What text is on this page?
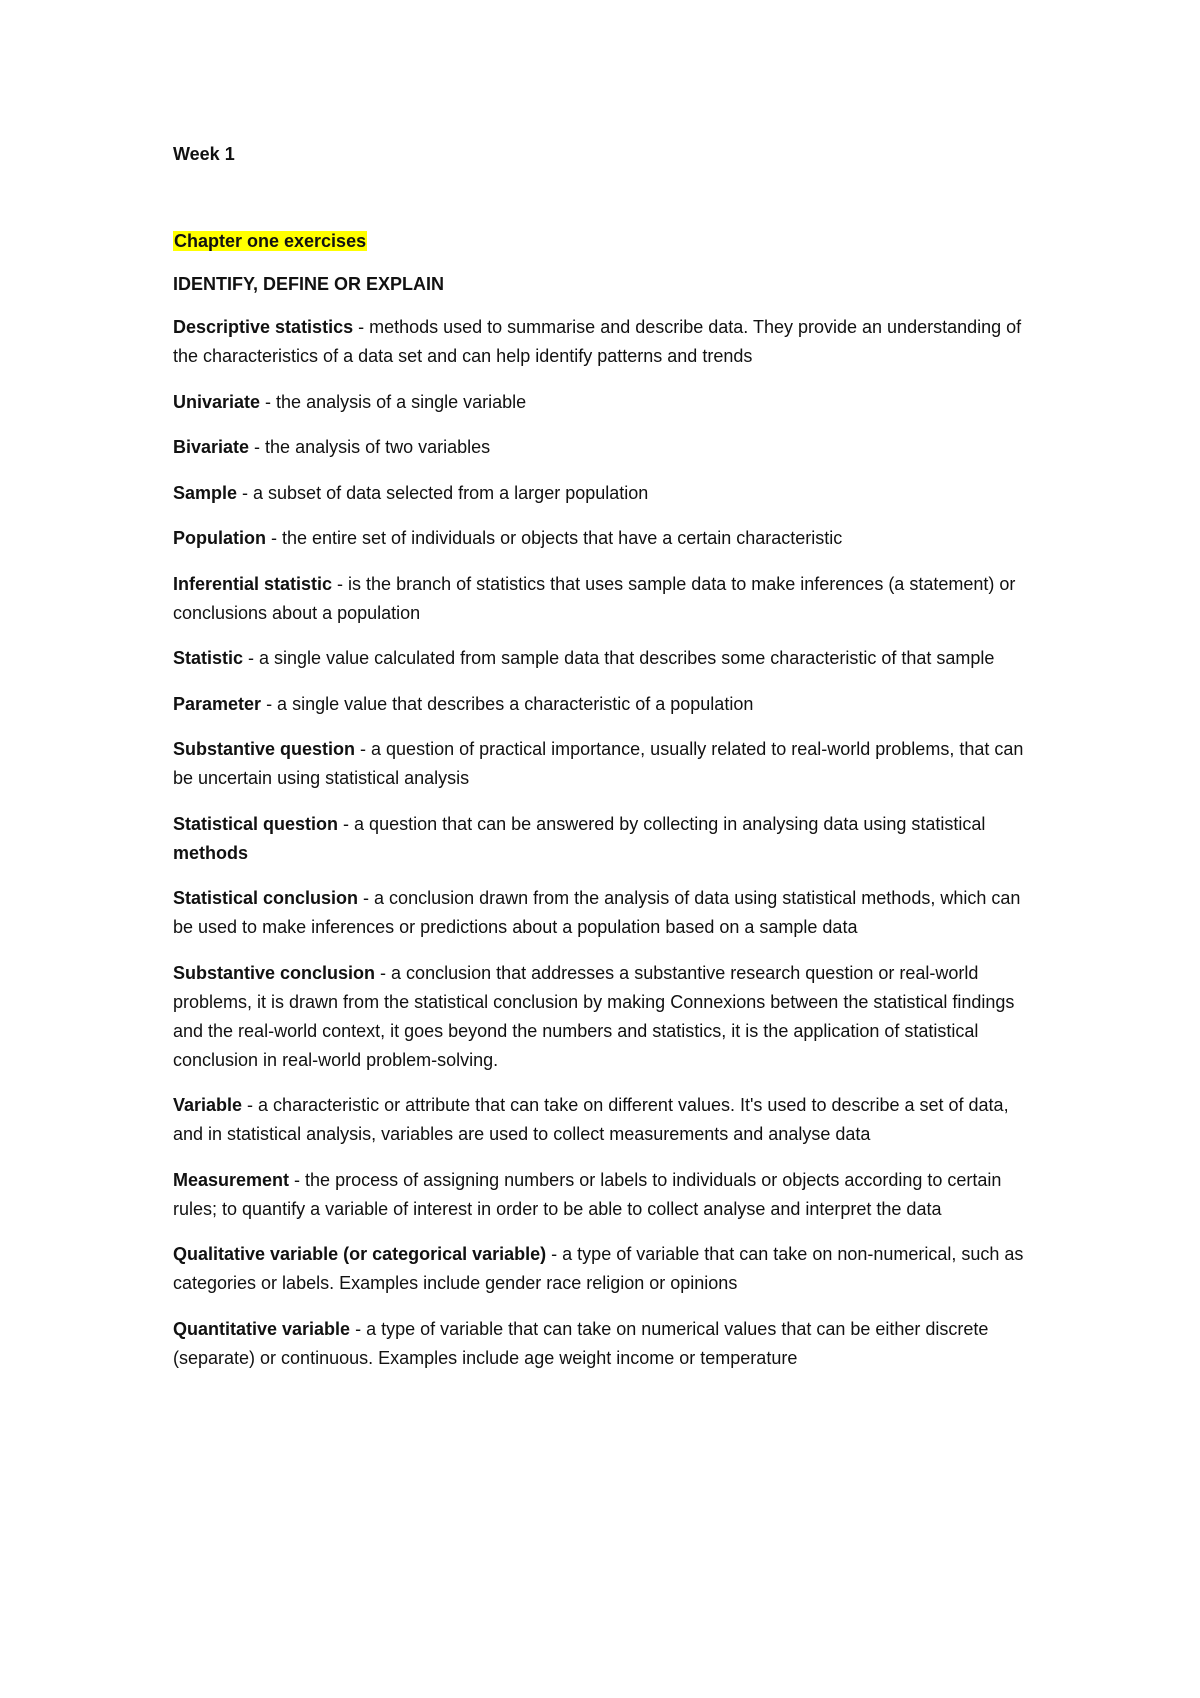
Week 1

Chapter one exercises

IDENTIFY, DEFINE OR EXPLAIN

Descriptive statistics - methods used to summarise and describe data. They provide an understanding of the characteristics of a data set and can help identify patterns and trends
Univariate - the analysis of a single variable
Bivariate - the analysis of two variables
Sample - a subset of data selected from a larger population
Population - the entire set of individuals or objects that have a certain characteristic
Inferential statistic - is the branch of statistics that uses sample data to make inferences (a statement) or conclusions about a population
Statistic - a single value calculated from sample data that describes some characteristic of that sample
Parameter - a single value that describes a characteristic of a population
Substantive question - a question of practical importance, usually related to real-world problems, that can be uncertain using statistical analysis
Statistical question - a question that can be answered by collecting in analysing data using statistical methods
Statistical conclusion - a conclusion drawn from the analysis of data using statistical methods, which can be used to make inferences or predictions about a population based on a sample data
Substantive conclusion - a conclusion that addresses a substantive research question or real-world problems, it is drawn from the statistical conclusion by making Connexions between the statistical findings and the real-world context, it goes beyond the numbers and statistics, it is the application of statistical conclusion in real-world problem-solving.
Variable - a characteristic or attribute that can take on different values. It's used to describe a set of data, and in statistical analysis, variables are used to collect measurements and analyse data
Measurement - the process of assigning numbers or labels to individuals or objects according to certain rules; to quantify a variable of interest in order to be able to collect analyse and interpret the data
Qualitative variable (or categorical variable) - a type of variable that can take on non-numerical, such as categories or labels. Examples include gender race religion or opinions
Quantitative variable - a type of variable that can take on numerical values that can be either discrete (separate) or continuous. Examples include age weight income or temperature
